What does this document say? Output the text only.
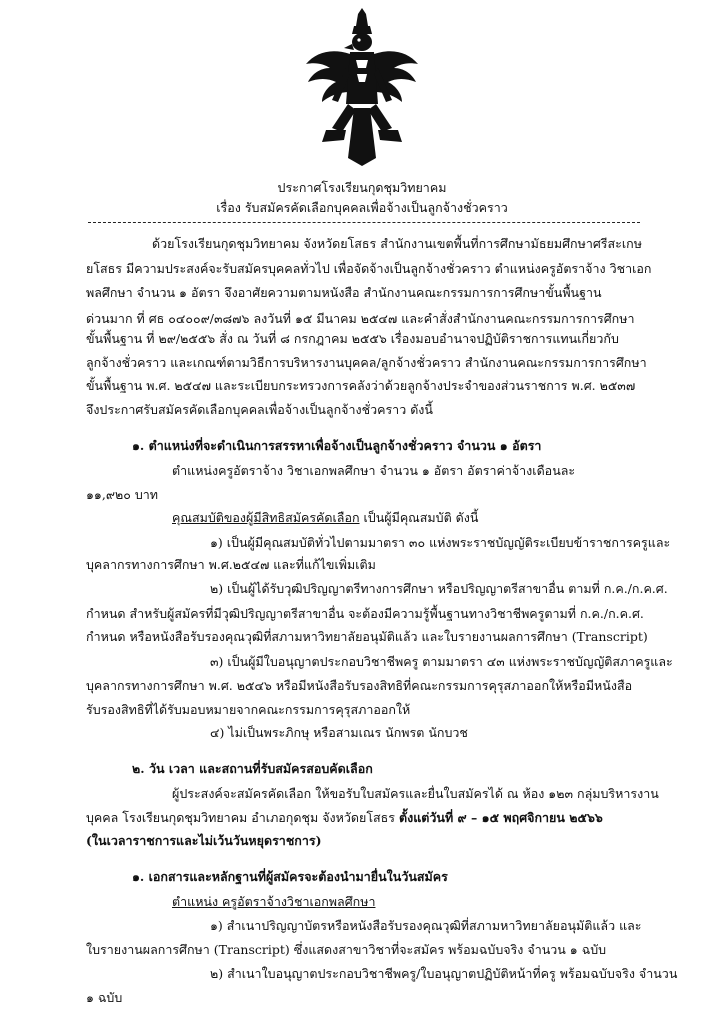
ประกาศโรงเรียนกุดชุมวิทยาคม
เรื่อง รับสมัครคัดเลือกบุคคลเพื่อจ้างเป็นลูกจ้างชั่วคราว
ด้วยโรงเรียนกุดชุมวิทยาคม จังหวัดยโสธร สำนักงานเขตพื้นที่การศึกษามัธยมศึกษาศรีสะเกษ
ยโสธร มีความประสงค์จะรับสมัครบุคคลทั่วไป เพื่อจัดจ้างเป็นลูกจ้างชั่วคราว ตำแหน่งครูอัตราจ้าง วิชาเอก
พลศึกษา จำนวน ๑ อัตรา จึงอาศัยความตามหนังสือ สำนักงานคณะกรรมการการศึกษาขั้นพื้นฐาน
ด่วนมาก ที่ ศธ ๐๔๐๐๙/๓๘๗๖ ลงวันที่ ๑๕ มีนาคม ๒๕๔๗ และคำสั่งสำนักงานคณะกรรมการการศึกษา
ขั้นพื้นฐาน ที่ ๒๙/๒๕๕๖ สั่ง ณ วันที่ ๘ กรกฎาคม ๒๕๕๖ เรื่องมอบอำนาจปฏิบัติราชการแทนเกี่ยวกับ
ลูกจ้างชั่วคราว และเกณฑ์ตามวิธีการบริหารงานบุคคล/ลูกจ้างชั่วคราว สำนักงานคณะกรรมการการศึกษา
ขั้นพื้นฐาน พ.ศ. ๒๕๔๗ และระเบียบกระทรวงการคลังว่าด้วยลูกจ้างประจำของส่วนราชการ พ.ศ. ๒๕๓๗
จึงประกาศรับสมัครคัดเลือกบุคคลเพื่อจ้างเป็นลูกจ้างชั่วคราว ดังนี้
๑. ตำแหน่งที่จะดำเนินการสรรหาเพื่อจ้างเป็นลูกจ้างชั่วคราว จำนวน ๑ อัตรา
ตำแหน่งครูอัตราจ้าง วิชาเอกพลศึกษา จำนวน ๑ อัตรา อัตราค่าจ้างเดือนละ
๑๑,๙๒๐ บาท
คุณสมบัติของผู้มีสิทธิสมัครคัดเลือก เป็นผู้มีคุณสมบัติ ดังนี้
๑) เป็นผู้มีคุณสมบัติทั่วไปตามมาตรา ๓๐ แห่งพระราชบัญญัติระเบียบข้าราชการครูและ
บุคลากรทางการศึกษา พ.ศ.๒๕๔๗ และที่แก้ไขเพิ่มเติม
๒) เป็นผู้ได้รับวุฒิปริญญาตรีทางการศึกษา หรือปริญญาตรีสาขาอื่น ตามที่ ก.ค./ก.ค.ศ.
กำหนด สำหรับผู้สมัครที่มีวุฒิปริญญาตรีสาขาอื่น จะต้องมีความรู้พื้นฐานทางวิชาชีพครูตามที่ ก.ค./ก.ค.ศ.
กำหนด หรือหนังสือรับรองคุณวุฒิที่สภามหาวิทยาลัยอนุมัติแล้ว และใบรายงานผลการศึกษา (Transcript)
๓) เป็นผู้มีใบอนุญาตประกอบวิชาชีพครู ตามมาตรา ๔๓ แห่งพระราชบัญญัติสภาครูและ
บุคลากรทางการศึกษา พ.ศ. ๒๕๔๖ หรือมีหนังสือรับรองสิทธิที่คณะกรรมการคุรุสภาออกให้หรือมีหนังสือ
รับรองสิทธิที่ได้รับมอบหมายจากคณะกรรมการคุรุสภาออกให้
๔) ไม่เป็นพระภิกษุ หรือสามเณร นักพรต นักบวช
๒. วัน เวลา และสถานที่รับสมัครสอบคัดเลือก
ผู้ประสงค์จะสมัครคัดเลือก ให้ขอรับใบสมัครและยื่นใบสมัครได้ ณ ห้อง ๑๒๓ กลุ่มบริหารงาน
บุคคล โรงเรียนกุดชุมวิทยาคม อำเภอกุดชุม จังหวัดยโสธร ตั้งแต่วันที่ ๙ – ๑๕ พฤศจิกายน ๒๕๖๖
(ในเวลาราชการและไม่เว้นวันหยุดราชการ)
๑. เอกสารและหลักฐานที่ผู้สมัครจะต้องนำมายื่นในวันสมัคร
ตำแหน่ง ครูอัตราจ้างวิชาเอกพลศึกษา
๑) สำเนาปริญญาบัตรหรือหนังสือรับรองคุณวุฒิที่สภามหาวิทยาลัยอนุมัติแล้ว และ
ใบรายงานผลการศึกษา (Transcript) ซึ่งแสดงสาขาวิชาที่จะสมัคร พร้อมฉบับจริง จำนวน ๑ ฉบับ
๒) สำเนาใบอนุญาตประกอบวิชาชีพครู/ใบอนุญาตปฏิบัติหน้าที่ครู พร้อมฉบับจริง จำนวน
๑ ฉบับ
